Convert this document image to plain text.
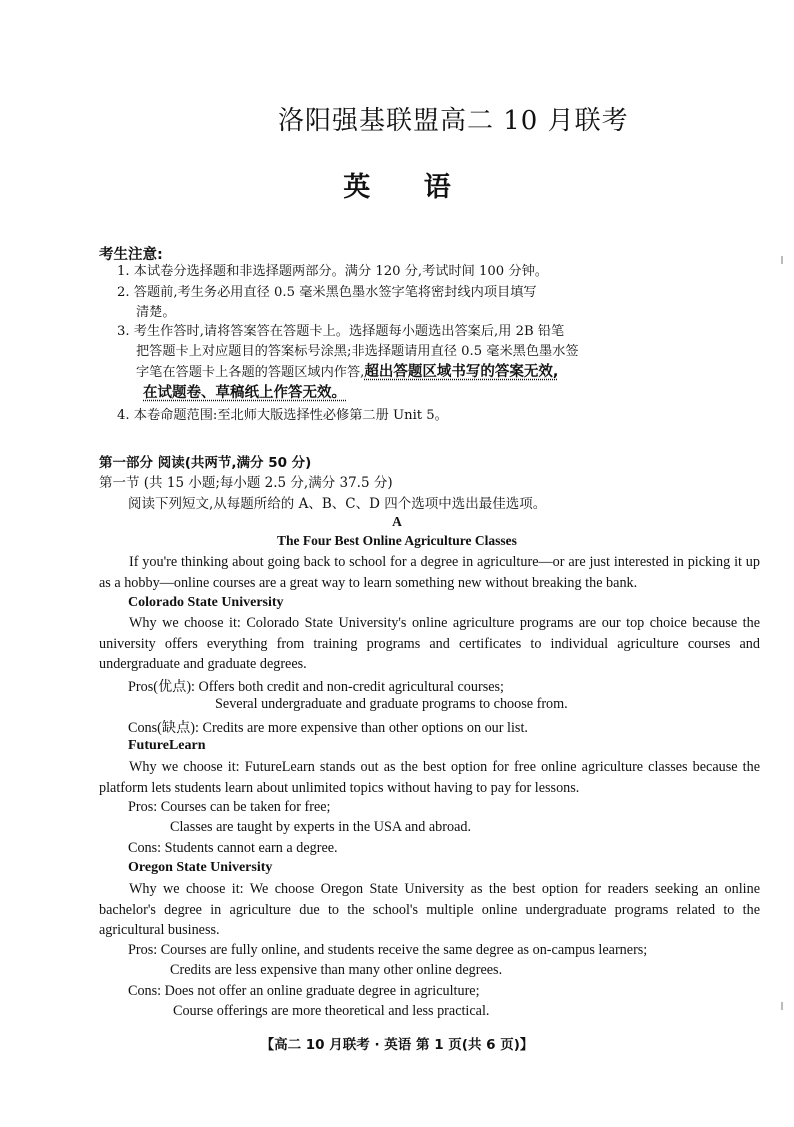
洛阳强基联盟高二 10 月联考
英 语
考生注意:
1. 本试卷分选择题和非选择题两部分。满分 120 分,考试时间 100 分钟。
2. 答题前,考生务必用直径 0.5 毫米黑色墨水签字笔将密封线内项目填写
清楚。
3. 考生作答时,请将答案答在答题卡上。选择题每小题选出答案后,用 2B 铅笔
把答题卡上对应题目的答案标号涂黑;非选择题请用直径 0.5 毫米黑色墨水签
字笔在答题卡上各题的答题区域内作答,超出答题区域书写的答案无效,
在试题卷、草稿纸上作答无效。
4. 本卷命题范围:至北师大版选择性必修第二册 Unit 5。
第一部分 阅读(共两节,满分 50 分)
第一节 (共 15 小题;每小题 2.5 分,满分 37.5 分)
阅读下列短文,从每题所给的 A、B、C、D 四个选项中选出最佳选项。
A
The Four Best Online Agriculture Classes
If you're thinking about going back to school for a degree in agriculture—or are just interested in picking it up as a hobby—online courses are a great way to learn something new without breaking the bank.
Colorado State University
Why we choose it: Colorado State University's online agriculture programs are our top choice because the university offers everything from training programs and certificates to individual agriculture courses and undergraduate and graduate degrees.
Pros(优点): Offers both credit and non-credit agricultural courses;
Several undergraduate and graduate programs to choose from.
Cons(缺点): Credits are more expensive than other options on our list.
FutureLearn
Why we choose it: FutureLearn stands out as the best option for free online agriculture classes because the platform lets students learn about unlimited topics without having to pay for lessons.
Pros: Courses can be taken for free;
Classes are taught by experts in the USA and abroad.
Cons: Students cannot earn a degree.
Oregon State University
Why we choose it: We choose Oregon State University as the best option for readers seeking an online bachelor's degree in agriculture due to the school's multiple online undergraduate programs related to the agricultural business.
Pros: Courses are fully online, and students receive the same degree as on-campus learners;
Credits are less expensive than many other online degrees.
Cons: Does not offer an online graduate degree in agriculture;
Course offerings are more theoretical and less practical.
【高二 10 月联考 · 英语 第 1 页(共 6 页)】
